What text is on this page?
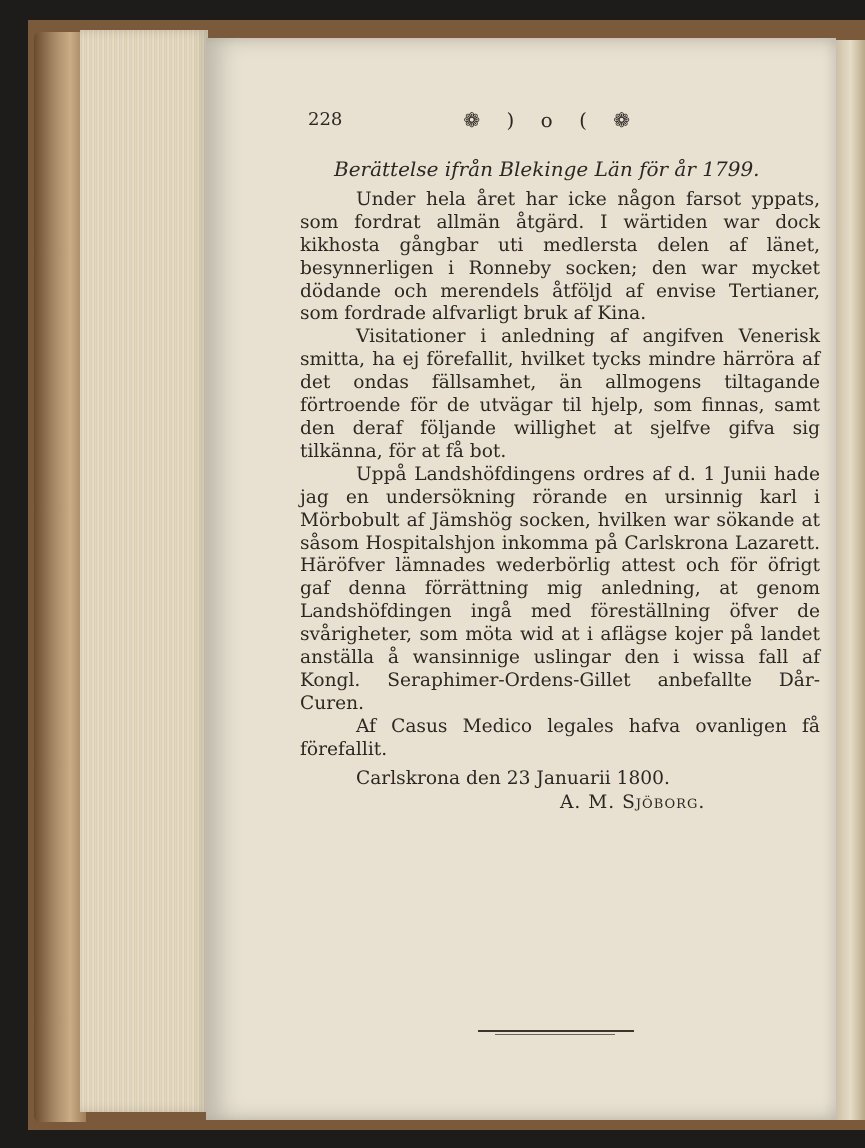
228	❁ ) o ( ❁
Berättelse ifrån Blekinge Län för år 1799.

Under hela året har icke någon farsot yppats, som fordrat allmän åtgärd. I wärtiden war dock kikhosta gångbar uti medlersta delen af länet, besynnerligen i Ronneby socken; den war mycket dödande och merendels åtföljd af envise Tertianer, som fordrade alfvarligt bruk af Kina.

Visitationer i anledning af angifven Venerisk smitta, ha ej förefallit, hvilket tycks mindre härröra af det ondas fällsamhet, än allmogens tiltagande förtroende för de utvägar til hjelp, som finnas, samt den deraf följande willighet at sjelfve gifva sig tilkänna, för at få bot.

Uppå Landshöfdingens ordres af d. 1 Junii hade jag en undersökning rörande en ursinnig karl i Mörbobult af Jämshög socken, hvilken war sökande at såsom Hospitalshjon inkomma på Carlskrona Lazarett. Häröfver lämnades wederbörlig attest och för öfrigt gaf denna förrättning mig anledning, at genom Landshöfdingen ingå med föreställning öfver de svårigheter, som möta wid at i aflägse kojer på landet anställa å wansinnige uslingar den i wissa fall af Kongl. Seraphimer-Ordens-Gillet anbefallte Dår-Curen.

Af Casus Medico legales hafva ovanligen få förefallit.

Carlskrona den 23 Januarii 1800.
A. M. Sjöborg.
